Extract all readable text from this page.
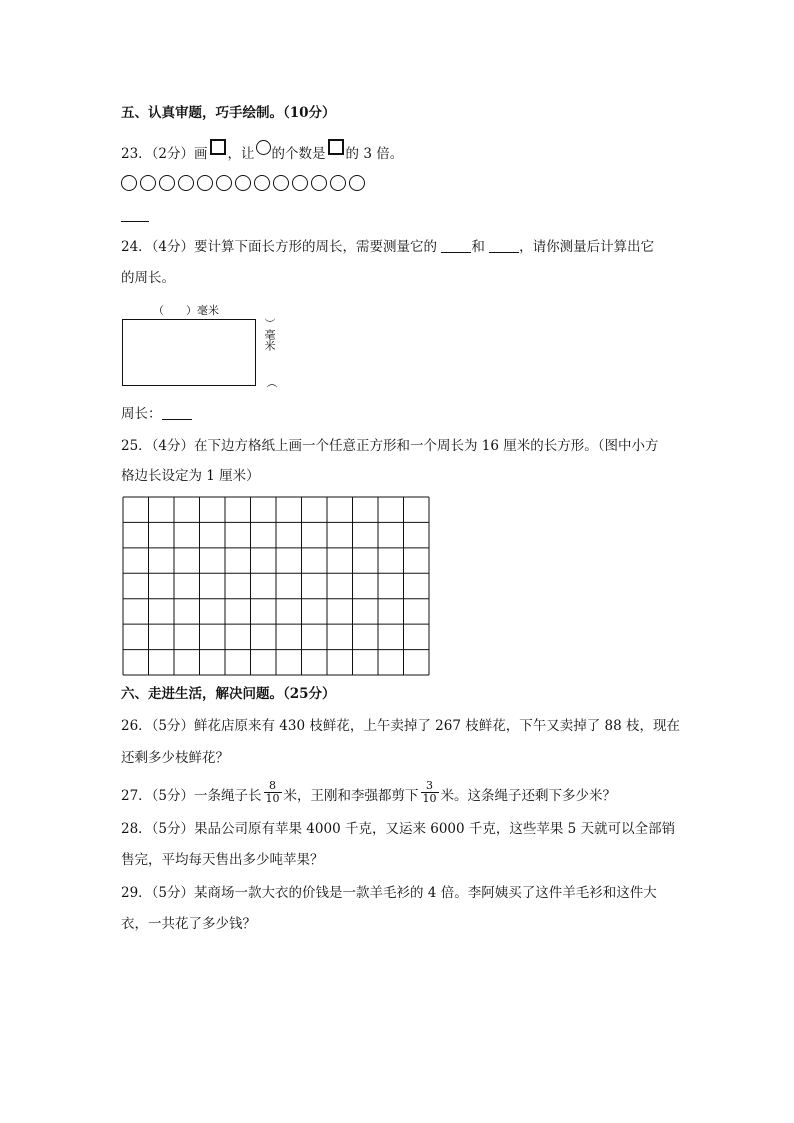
五、认真审题，巧手绘制。（10分）
23．（2分）画 ，让 的个数是 的 3 倍。
24．（4分）要计算下面长方形的周长，需要测量它的 和 ，请你测量后计算出它
的周长。
（　　）毫米
）毫米
（
周长：
25．（4分）在下边方格纸上画一个任意正方形和一个周长为 16 厘米的长方形。（图中小方
格边长设定为 1 厘米）
六、走进生活，解决问题。（25分）
26．（5分）鲜花店原来有 430 枝鲜花，上午卖掉了 267 枝鲜花，下午又卖掉了 88 枝，现在
还剩多少枝鲜花？
27．（5分）一条绳子长 $\frac{8}{10}$ 米，王刚和李强都剪下 $\frac{3}{10}$ 米。这条绳子还剩下多少米？
28．（5分）果品公司原有苹果 4000 千克，又运来 6000 千克，这些苹果 5 天就可以全部销
售完，平均每天售出多少吨苹果？
29．（5分）某商场一款大衣的价钱是一款羊毛衫的 4 倍。李阿姨买了这件羊毛衫和这件大
衣，一共花了多少钱？
